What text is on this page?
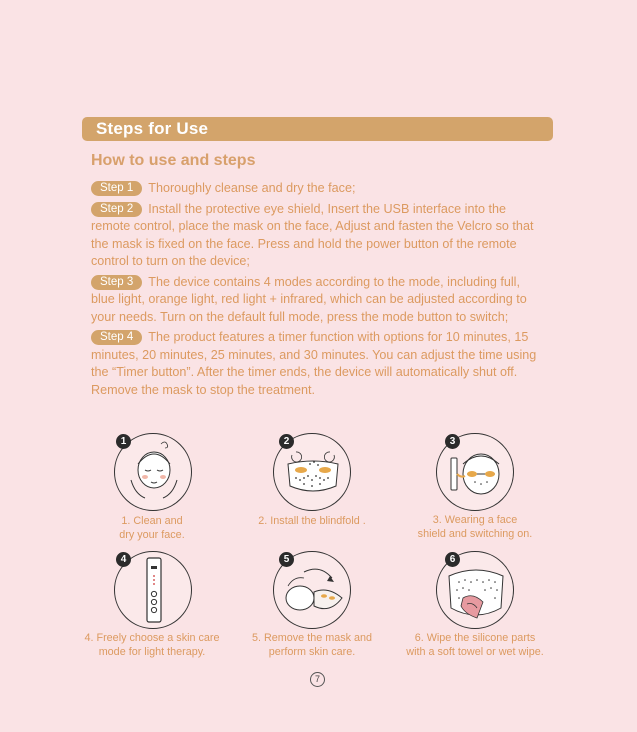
Steps for Use
How to use and steps
Step 1 Thoroughly cleanse and dry the face;
Step 2 Install the protective eye shield, Insert the USB interface into the remote control, place the mask on the face, Adjust and fasten the Velcro so that the mask is fixed on the face. Press and hold the power button of the remote control to turn on the device;
Step 3 The device contains 4 modes according to the mode, including full, blue light, orange light, red light + infrared, which can be adjusted according to your needs. Turn on the default full mode, press the mode button to switch;
Step 4 The product features a timer function with options for 10 minutes, 15 minutes, 20 minutes, 25 minutes, and 30 minutes. You can adjust the time using the “Timer button”. After the timer ends, the device will automatically shut off. Remove the mask to stop the treatment.
1	2	3
4	5	6
1. Clean and
dry your face.
2. Install the blindfold .	3. Wearing a face
shield and switching on.
4. Freely choose a skin care
mode for light therapy.
5. Remove the mask and
perform skin care.
6. Wipe the silicone parts
with a soft towel or wet wipe.
7
